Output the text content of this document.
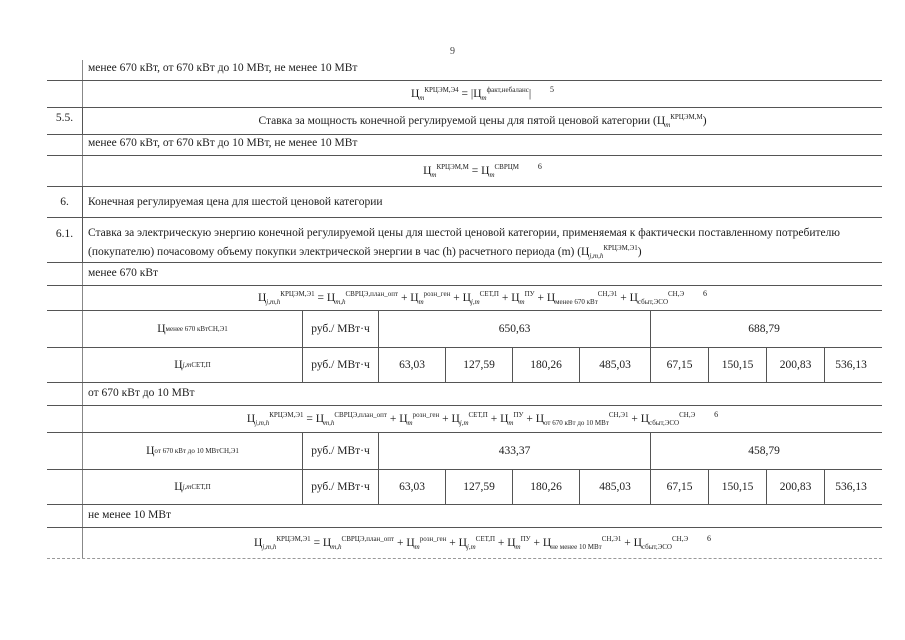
9
менее 670 кВт, от 670 кВт до 10 МВт, не менее 10 МВт
$Ц_m^{КРЦЭМ,Э4} = |Ц_m^{факт,небаланс}|$ $^5$
5.5.	Ставка за мощность конечной регулируемой цены для пятой ценовой категории $(Ц_m^{КРЦЭМ,М})$
менее 670 кВт, от 670 кВт до 10 МВт, не менее 10 МВт
$Ц_m^{КРЦЭМ,М} = Ц_m^{СВРЦМ}$ $^6$
6.	Конечная регулируемая цена для шестой ценовой категории
6.1.	Ставка за электрическую энергию конечной регулируемой цены для шестой ценовой категории, применяемая к фактически поставленному потребителю (покупателю) почасовому объему покупки электрической энергии в час (h) расчетного периода (m) $(Ц_{j,m,h}^{КРЦЭМ,Э1})$
менее 670 кВт
$Ц_{j,m,h}^{КРЦЭМ,Э1} = Ц_{m,h}^{СВРЦЭ,план\_опт} + Ц_m^{розн\_ген} + Ц_{j,m}^{СЕТ,П} + Ц_m^{ПУ} + Ц_{менее 670 кВт}^{СН,Э1} + Ц_{сбыт,ЭСО}^{СН,Э}$ $^6$
Ц менее 670 кВт СН,Э1	руб./ МВт·ч	650,63	688,79
Ц j,m СЕТ,П	руб./ МВт·ч	63,03	127,59	180,26	485,03	67,15	150,15	200,83	536,13
от 670 кВт до 10 МВт
$Ц_{j,m,h}^{КРЦЭМ,Э1} = Ц_{m,h}^{СВРЦЭ,план\_опт} + Ц_m^{розн\_ген} + Ц_{j,m}^{СЕТ,П} + Ц_m^{ПУ} + Ц_{от 670 кВт до 10 МВт}^{СН,Э1} + Ц_{сбыт,ЭСО}^{СН,Э}$ $^6$
Ц от 670 кВт до 10 МВт СН,Э1	руб./ МВт·ч	433,37	458,79
Ц j,m СЕТ,П	руб./ МВт·ч	63,03	127,59	180,26	485,03	67,15	150,15	200,83	536,13
не менее 10 МВт
$Ц_{j,m,h}^{КРЦЭМ,Э1} = Ц_{m,h}^{СВРЦЭ,план\_опт} + Ц_m^{розн\_ген} + Ц_{j,m}^{СЕТ,П} + Ц_m^{ПУ} + Ц_{не менее 10 МВт}^{СН,Э1} + Ц_{сбыт,ЭСО}^{СН,Э}$ $^6$
